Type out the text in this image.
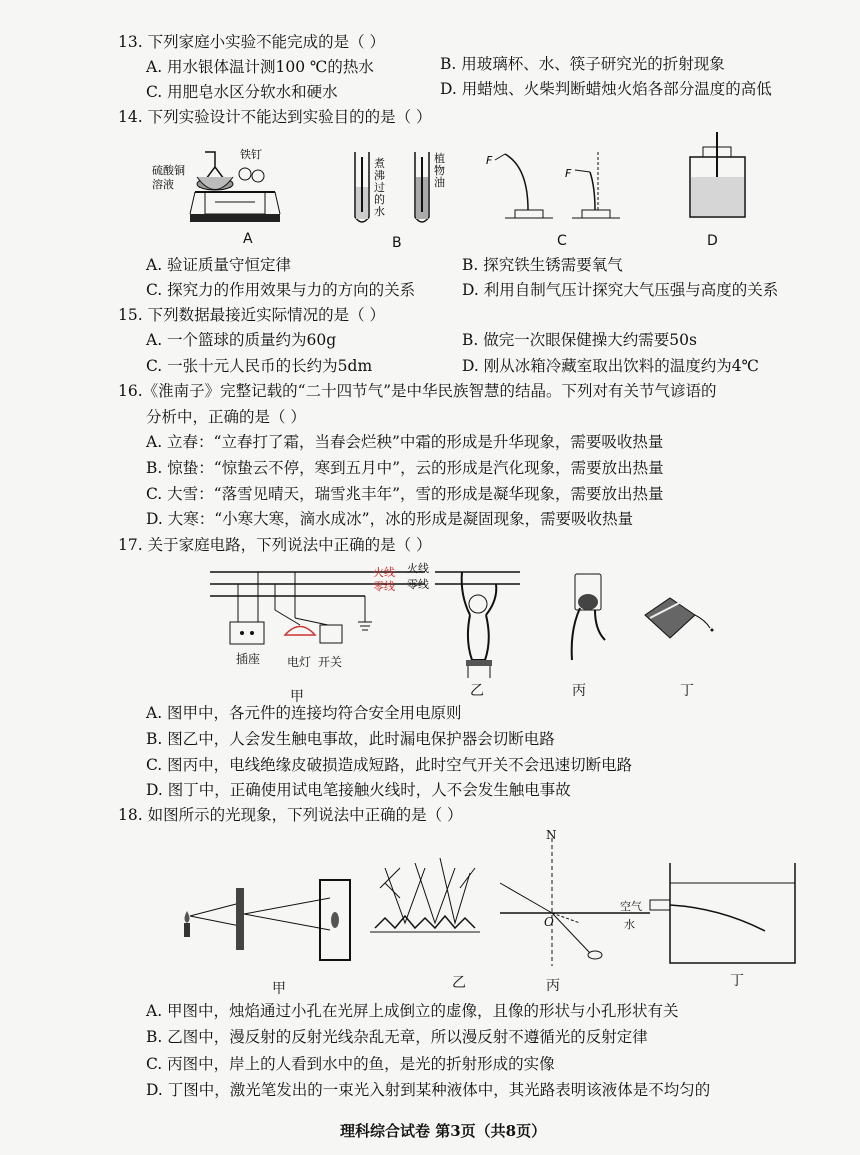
13. 下列家庭小实验不能完成的是（ ）
A. 用水银体温计测100 ℃的热水	B. 用玻璃杯、水、筷子研究光的折射现象
C. 用肥皂水区分软水和硬水	D. 用蜡烛、火柴判断蜡烛火焰各部分温度的高低
14. 下列实验设计不能达到实验目的的是（ ）
硫酸铜
溶液
铁钉
煮
沸
过
的
水
植
物
油
F
F
A	B	C	D
A. 验证质量守恒定律	B. 探究铁生锈需要氧气
C. 探究力的作用效果与力的方向的关系	D. 利用自制气压计探究大气压强与高度的关系
15. 下列数据最接近实际情况的是（ ）
A. 一个篮球的质量约为60g	B. 做完一次眼保健操大约需要50s
C. 一张十元人民币的长约为5dm	D. 刚从冰箱冷藏室取出饮料的温度约为4℃
16.《淮南子》完整记载的“二十四节气”是中华民族智慧的结晶。下列对有关节气谚语的
分析中，正确的是（ ）
A. 立春：“立春打了霜，当春会烂秧”中霜的形成是升华现象，需要吸收热量
B. 惊蛰：“惊蛰云不停，寒到五月中”，云的形成是汽化现象，需要放出热量
C. 大雪：“落雪见晴天，瑞雪兆丰年”，雪的形成是凝华现象，需要放出热量
D. 大寒：“小寒大寒，滴水成冰”，冰的形成是凝固现象，需要吸收热量
17. 关于家庭电路，下列说法中正确的是（ ）
火线
零线
火线
零线
插座 电灯 开关
甲	乙	丙	丁
A. 图甲中，各元件的连接均符合安全用电原则
B. 图乙中，人会发生触电事故，此时漏电保护器会切断电路
C. 图丙中，电线绝缘皮破损造成短路，此时空气开关不会迅速切断电路
D. 图丁中，正确使用试电笔接触火线时，人不会发生触电事故
18. 如图所示的光现象，下列说法中正确的是（ ）
N
O
空气
水
甲	乙	丙	丁
A. 甲图中，烛焰通过小孔在光屏上成倒立的虚像，且像的形状与小孔形状有关
B. 乙图中，漫反射的反射光线杂乱无章，所以漫反射不遵循光的反射定律
C. 丙图中，岸上的人看到水中的鱼，是光的折射形成的实像
D. 丁图中，激光笔发出的一束光入射到某种液体中，其光路表明该液体是不均匀的
理科综合试卷 第3页（共8页）
